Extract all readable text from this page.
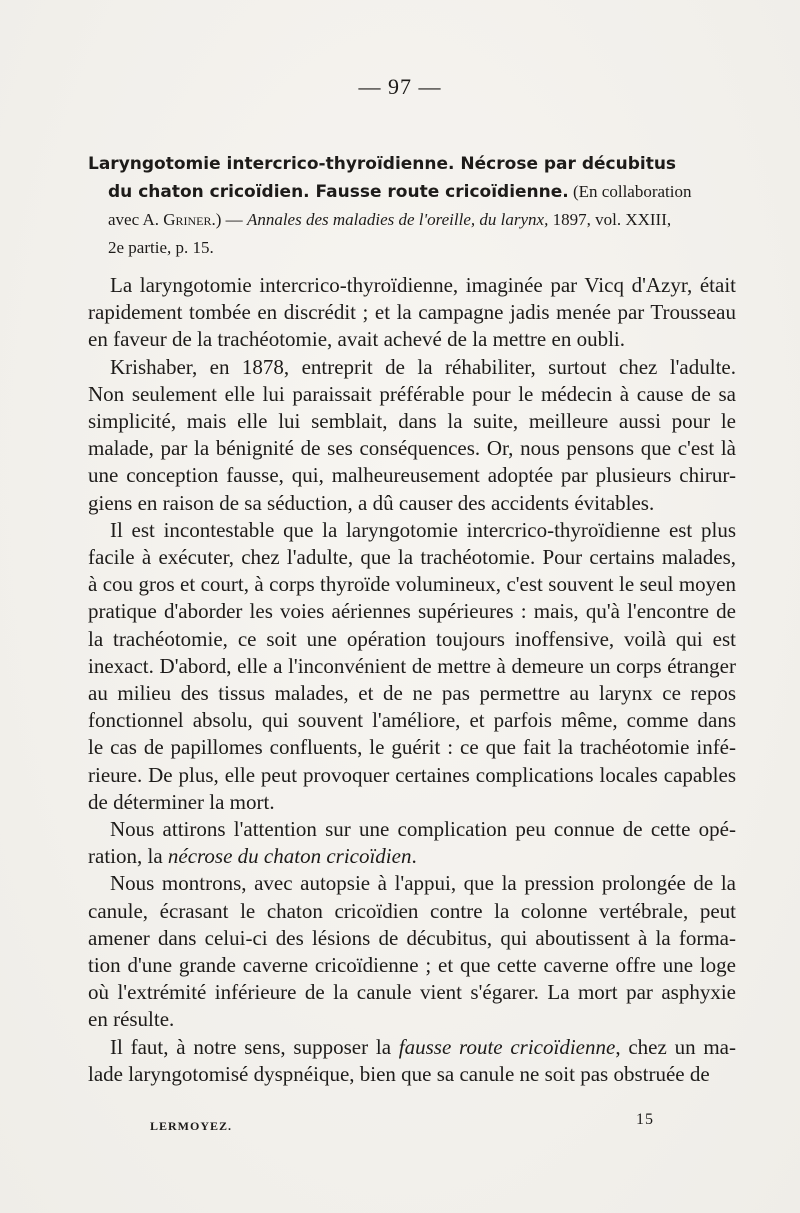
— 97 —
Laryngotomie intercrico-thyroïdienne. Nécrose par décubitus
du chaton cricoïdien. Fausse route cricoïdienne. (En collaboration
avec A. Griner.) — Annales des maladies de l'oreille, du larynx, 1897, vol. XXIII,
2e partie, p. 15.
La laryngotomie intercrico-thyroïdienne, imaginée par Vicq d'Azyr, était
rapidement tombée en discrédit ; et la campagne jadis menée par Trousseau
en faveur de la trachéotomie, avait achevé de la mettre en oubli.
Krishaber, en 1878, entreprit de la réhabiliter, surtout chez l'adulte.
Non seulement elle lui paraissait préférable pour le médecin à cause de sa
simplicité, mais elle lui semblait, dans la suite, meilleure aussi pour le
malade, par la bénignité de ses conséquences. Or, nous pensons que c'est là
une conception fausse, qui, malheureusement adoptée par plusieurs chirur-
giens en raison de sa séduction, a dû causer des accidents évitables.
Il est incontestable que la laryngotomie intercrico-thyroïdienne est plus
facile à exécuter, chez l'adulte, que la trachéotomie. Pour certains malades,
à cou gros et court, à corps thyroïde volumineux, c'est souvent le seul moyen
pratique d'aborder les voies aériennes supérieures : mais, qu'à l'encontre de
la trachéotomie, ce soit une opération toujours inoffensive, voilà qui est
inexact. D'abord, elle a l'inconvénient de mettre à demeure un corps étranger
au milieu des tissus malades, et de ne pas permettre au larynx ce repos
fonctionnel absolu, qui souvent l'améliore, et parfois même, comme dans
le cas de papillomes confluents, le guérit : ce que fait la trachéotomie infé-
rieure. De plus, elle peut provoquer certaines complications locales capables
de déterminer la mort.
Nous attirons l'attention sur une complication peu connue de cette opé-
ration, la nécrose du chaton cricoïdien.
Nous montrons, avec autopsie à l'appui, que la pression prolongée de la
canule, écrasant le chaton cricoïdien contre la colonne vertébrale, peut
amener dans celui-ci des lésions de décubitus, qui aboutissent à la forma-
tion d'une grande caverne cricoïdienne ; et que cette caverne offre une loge
où l'extrémité inférieure de la canule vient s'égarer. La mort par asphyxie
en résulte.
Il faut, à notre sens, supposer la fausse route cricoïdienne, chez un ma-
lade laryngotomisé dyspnéique, bien que sa canule ne soit pas obstruée de
LERMOYEZ.	15
